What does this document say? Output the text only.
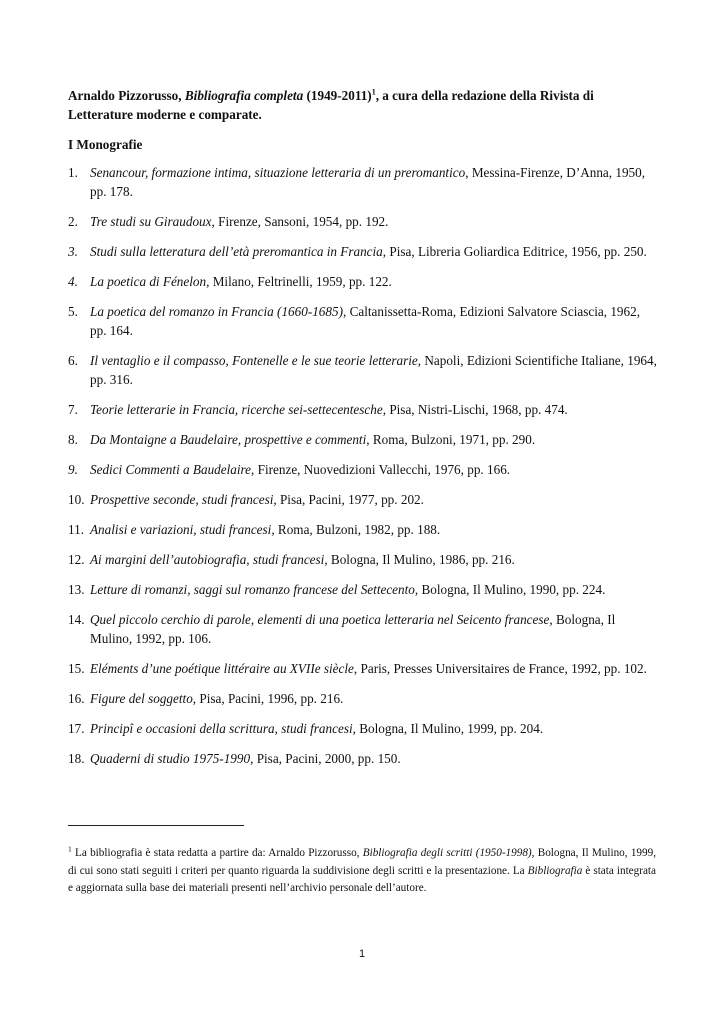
Arnaldo Pizzorusso, Bibliografia completa (1949-2011)$^1$, a cura della redazione della Rivista di Letterature moderne e comparate.
I Monografie
1. Senancour, formazione intima, situazione letteraria di un preromantico, Messina-Firenze, D’Anna, 1950, pp. 178.
2. Tre studi su Giraudoux, Firenze, Sansoni, 1954, pp. 192.
3. Studi sulla letteratura dell’età preromantica in Francia, Pisa, Libreria Goliardica Editrice, 1956, pp. 250.
4. La poetica di Fénelon, Milano, Feltrinelli, 1959, pp. 122.
5. La poetica del romanzo in Francia (1660-1685), Caltanissetta-Roma, Edizioni Salvatore Sciascia, 1962, pp. 164.
6. Il ventaglio e il compasso, Fontenelle e le sue teorie letterarie, Napoli, Edizioni Scientifiche Italiane, 1964, pp. 316.
7. Teorie letterarie in Francia, ricerche sei-settecentesche, Pisa, Nistri-Lischi, 1968, pp. 474.
8. Da Montaigne a Baudelaire, prospettive e commenti, Roma, Bulzoni, 1971, pp. 290.
9. Sedici Commenti a Baudelaire, Firenze, Nuovedizioni Vallecchi, 1976, pp. 166.
10. Prospettive seconde, studi francesi, Pisa, Pacini, 1977, pp. 202.
11. Analisi e variazioni, studi francesi, Roma, Bulzoni, 1982, pp. 188.
12. Ai margini dell’autobiografia, studi francesi, Bologna, Il Mulino, 1986, pp. 216.
13. Letture di romanzi, saggi sul romanzo francese del Settecento, Bologna, Il Mulino, 1990, pp. 224.
14. Quel piccolo cerchio di parole, elementi di una poetica letteraria nel Seicento francese, Bologna, Il Mulino, 1992, pp. 106.
15. Eléments d’une poétique littéraire au XVIIe siècle, Paris, Presses Universitaires de France, 1992, pp. 102.
16. Figure del soggetto, Pisa, Pacini, 1996, pp. 216.
17. Principî e occasioni della scrittura, studi francesi, Bologna, Il Mulino, 1999, pp. 204.
18. Quaderni di studio 1975-1990, Pisa, Pacini, 2000, pp. 150.
$^1$ La bibliografia è stata redatta a partire da: Arnaldo Pizzorusso, Bibliografia degli scritti (1950-1998), Bologna, Il Mulino, 1999, di cui sono stati seguiti i criteri per quanto riguarda la suddivisione degli scritti e la presentazione. La Bibliografia è stata integrata e aggiornata sulla base dei materiali presenti nell’archivio personale dell’autore.
1
